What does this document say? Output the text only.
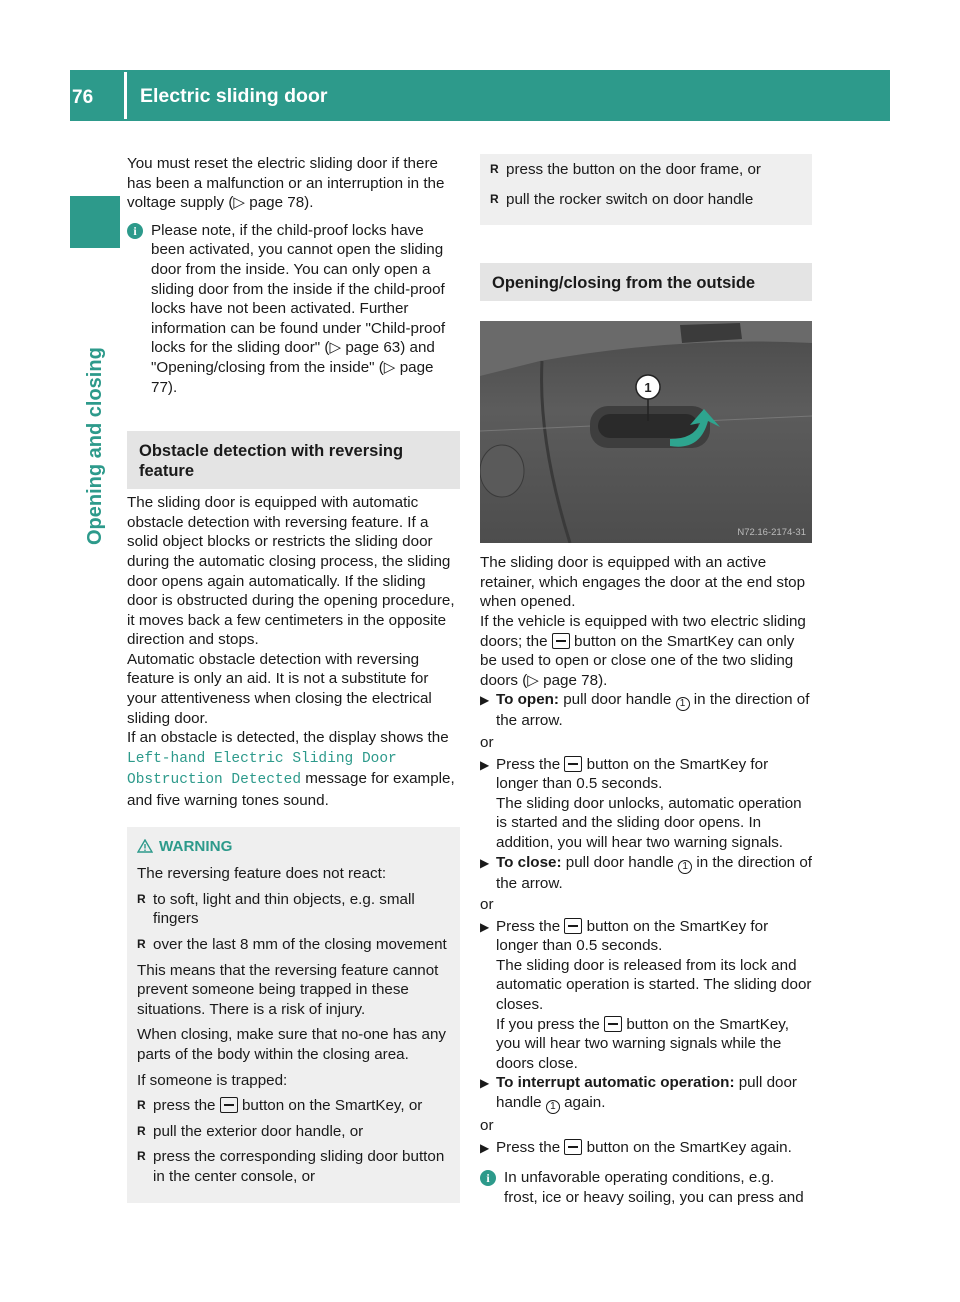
76	Electric sliding door
Opening and closing

You must reset the electric sliding door if there has been a malfunction or an interruption in the voltage supply (▷ page 78).

i Please note, if the child-proof locks have been activated, you cannot open the sliding door from the inside. You can only open a sliding door from the inside if the child-proof locks have not been activated. Further information can be found under "Child-proof locks for the sliding door" (▷ page 63) and "Opening/closing from the inside" (▷ page 77).

Obstacle detection with reversing feature

The sliding door is equipped with automatic obstacle detection with reversing feature. If a solid object blocks or restricts the sliding door during the automatic closing process, the sliding door opens again automatically. If the sliding door is obstructed during the opening procedure, it moves back a few centimeters in the opposite direction and stops.

Automatic obstacle detection with reversing feature is only an aid. It is not a substitute for your attentiveness when closing the electrical sliding door.

If an obstacle is detected, the display shows the Left-hand Electric Sliding Door Obstruction Detected message for example, and five warning tones sound.

WARNING

The reversing feature does not react:

R to soft, light and thin objects, e.g. small fingers
R over the last 8 mm of the closing movement

This means that the reversing feature cannot prevent someone being trapped in these situations. There is a risk of injury.

When closing, make sure that no-one has any parts of the body within the closing area.

If someone is trapped:

R press the button on the SmartKey, or
R pull the exterior door handle, or
R press the corresponding sliding door button in the center console, or
R press the button on the door frame, or
R pull the rocker switch on door handle
Opening/closing from the outside
1
N72.16-2174-31

The sliding door is equipped with an active retainer, which engages the door at the end stop when opened.

If the vehicle is equipped with two electric sliding doors; the button on the SmartKey can only be used to open or close one of the two sliding doors (▷ page 78).

▶ To open: pull door handle 1 in the direction of the arrow.

or

▶ Press the button on the SmartKey for longer than 0.5 seconds.
The sliding door unlocks, automatic operation is started and the sliding door opens. In addition, you will hear two warning signals.
▶ To close: pull door handle 1 in the direction of the arrow.

or

▶ Press the button on the SmartKey for longer than 0.5 seconds.
The sliding door is released from its lock and automatic operation is started. The sliding door closes.
If you press the button on the SmartKey, you will hear two warning signals while the doors close.
▶ To interrupt automatic operation: pull door handle 1 again.

or

▶ Press the button on the SmartKey again.
i In unfavorable operating conditions, e.g. frost, ice or heavy soiling, you can press and
